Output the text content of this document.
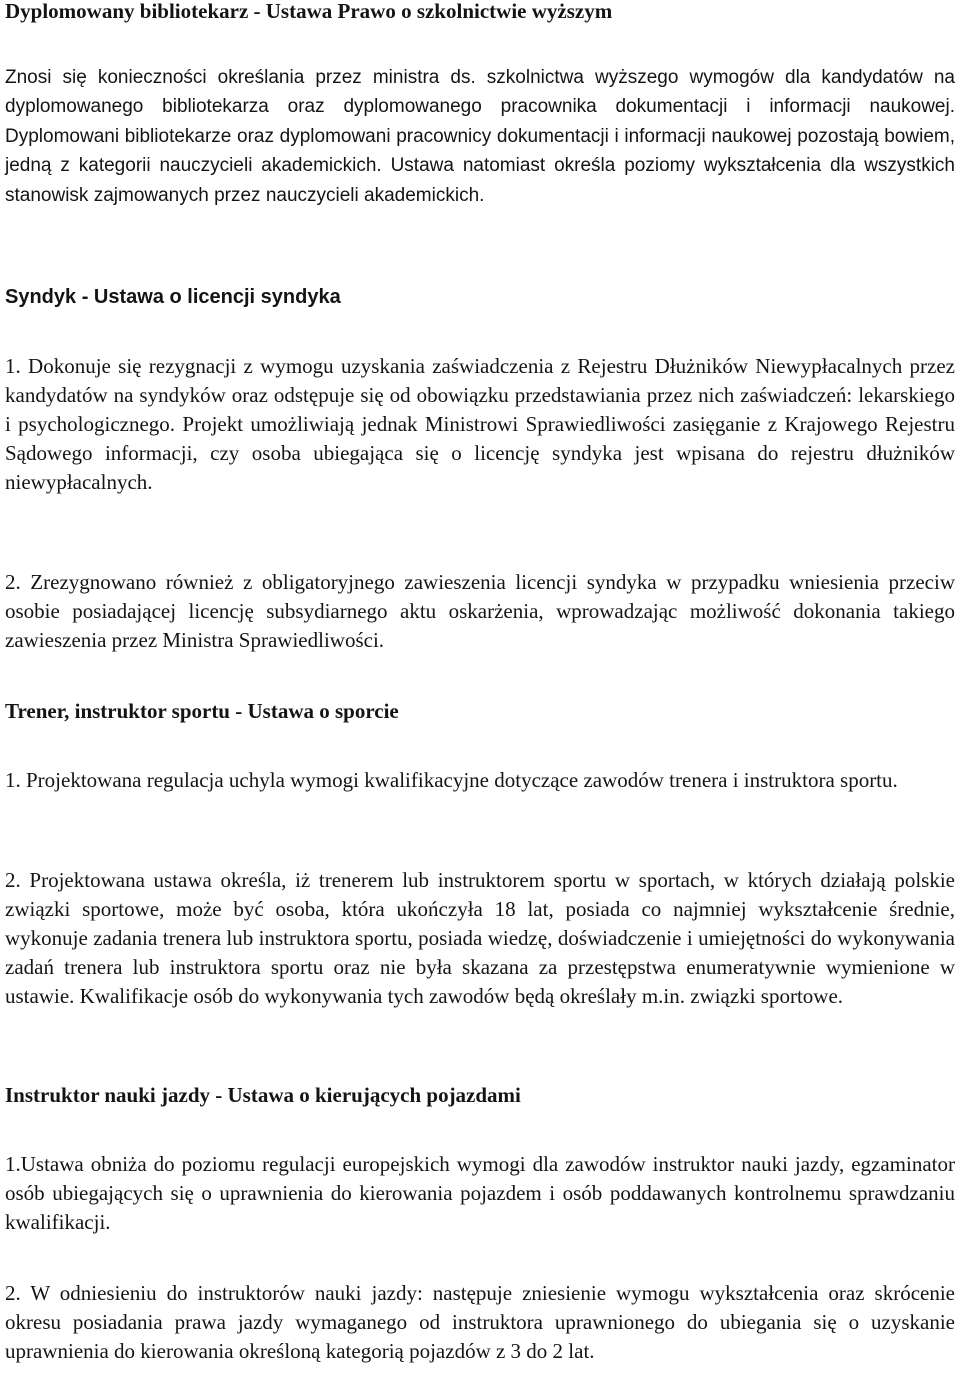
Dyplomowany bibliotekarz - Ustawa Prawo o szkolnictwie wyższym

Znosi się konieczności określania przez ministra ds. szkolnictwa wyższego wymogów dla kandydatów na dyplomowanego bibliotekarza oraz dyplomowanego pracownika dokumentacji i informacji naukowej. Dyplomowani bibliotekarze oraz dyplomowani pracownicy dokumentacji i informacji naukowej pozostają bowiem, jedną z kategorii nauczycieli akademickich. Ustawa natomiast określa poziomy wykształcenia dla wszystkich stanowisk zajmowanych przez nauczycieli akademickich.

Syndyk - Ustawa o licencji syndyka

1. Dokonuje się rezygnacji z wymogu uzyskania zaświadczenia z Rejestru Dłużników Niewypłacalnych przez kandydatów na syndyków oraz odstępuje się od obowiązku przedstawiania przez nich zaświadczeń: lekarskiego i psychologicznego. Projekt umożliwiają jednak Ministrowi Sprawiedliwości zasięganie z Krajowego Rejestru Sądowego informacji, czy osoba ubiegająca się o licencję syndyka jest wpisana do rejestru dłużników niewypłacalnych.

2. Zrezygnowano również z obligatoryjnego zawieszenia licencji syndyka w przypadku wniesienia przeciw osobie posiadającej licencję subsydiarnego aktu oskarżenia, wprowadzając możliwość dokonania takiego zawieszenia przez Ministra Sprawiedliwości.

Trener, instruktor sportu - Ustawa o sporcie

1. Projektowana regulacja uchyla wymogi kwalifikacyjne dotyczące zawodów trenera i instruktora sportu.

2. Projektowana ustawa określa, iż trenerem lub instruktorem sportu w sportach, w których działają polskie związki sportowe, może być osoba, która ukończyła 18 lat, posiada co najmniej wykształcenie średnie, wykonuje zadania trenera lub instruktora sportu, posiada wiedzę, doświadczenie i umiejętności do wykonywania zadań trenera lub instruktora sportu oraz nie była skazana za przestępstwa enumeratywnie wymienione w ustawie. Kwalifikacje osób do wykonywania tych zawodów będą określały m.in. związki sportowe.

Instruktor nauki jazdy - Ustawa o kierujących pojazdami

1.Ustawa obniża do poziomu regulacji europejskich wymogi dla zawodów instruktor nauki jazdy, egzaminator osób ubiegających się o uprawnienia do kierowania pojazdem i osób poddawanych kontrolnemu sprawdzaniu kwalifikacji.

2. W odniesieniu do instruktorów nauki jazdy: następuje zniesienie wymogu wykształcenia oraz skrócenie okresu posiadania prawa jazdy wymaganego od instruktora uprawnionego do ubiegania się o uzyskanie uprawnienia do kierowania określoną kategorią pojazdów z 3 do 2 lat.
